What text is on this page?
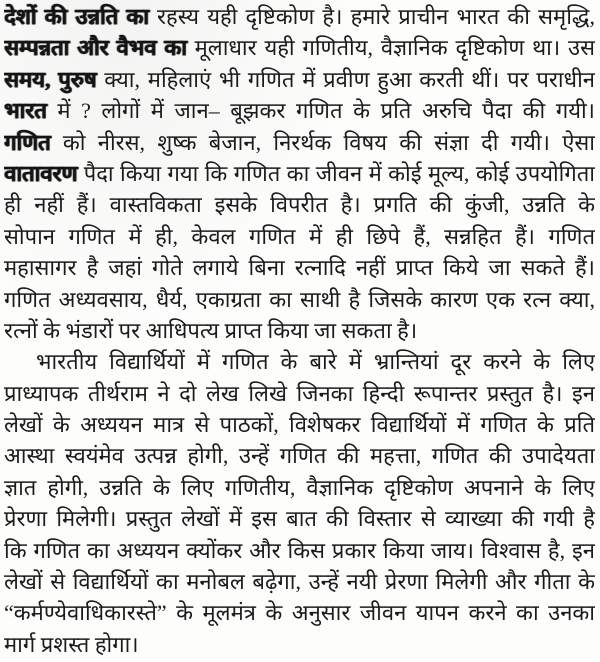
देशों की उन्नति का रहस्य यही दृष्टिकोण है। हमारे प्राचीन भारत की समृद्धि,
सम्पन्नता और वैभव का मूलाधार यही गणितीय, वैज्ञानिक दृष्टिकोण था। उस
समय, पुरुष क्या, महिलाएं भी गणित में प्रवीण हुआ करती थीं। पर पराधीन
भारत में ? लोगों में जान– बूझकर गणित के प्रति अरुचि पैदा की गयी।
गणित को नीरस, शुष्क बेजान, निरर्थक विषय की संज्ञा दी गयी। ऐसा
वातावरण पैदा किया गया कि गणित का जीवन में कोई मूल्य, कोई उपयोगिता
ही नहीं हैं। वास्तविकता इसके विपरीत है। प्रगति की कुंजी, उन्नति के
सोपान गणित में ही, केवल गणित में ही छिपे हैं, सन्नहित हैं। गणित
महासागर है जहां गोते लगाये बिना रत्नादि नहीं प्राप्त किये जा सकते हैं।
गणित अध्यवसाय, धैर्य, एकाग्रता का साथी है जिसके कारण एक रत्न क्या,
रत्नों के भंडारों पर आधिपत्य प्राप्त किया जा सकता है।
भारतीय विद्यार्थियों में गणित के बारे में भ्रान्तियां दूर करने के लिए
प्राध्यापक तीर्थराम ने दो लेख लिखे जिनका हिन्दी रूपान्तर प्रस्तुत है। इन
लेखों के अध्ययन मात्र से पाठकों, विशेषकर विद्यार्थियों में गणित के प्रति
आस्था स्वयंमेव उत्पन्न होगी, उन्हें गणित की महत्ता, गणित की उपादेयता
ज्ञात होगी, उन्नति के लिए गणितीय, वैज्ञानिक दृष्टिकोण अपनाने के लिए
प्रेरणा मिलेगी। प्रस्तुत लेखों में इस बात की विस्तार से व्याख्या की गयी है
कि गणित का अध्ययन क्योंकर और किस प्रकार किया जाय। विश्वास है, इन
लेखों से विद्यार्थियों का मनोबल बढ़ेगा, उन्हें नयी प्रेरणा मिलेगी और गीता के
“कर्मण्येवाधिकारस्ते” के मूलमंत्र के अनुसार जीवन यापन करने का उनका
मार्ग प्रशस्त होगा।
